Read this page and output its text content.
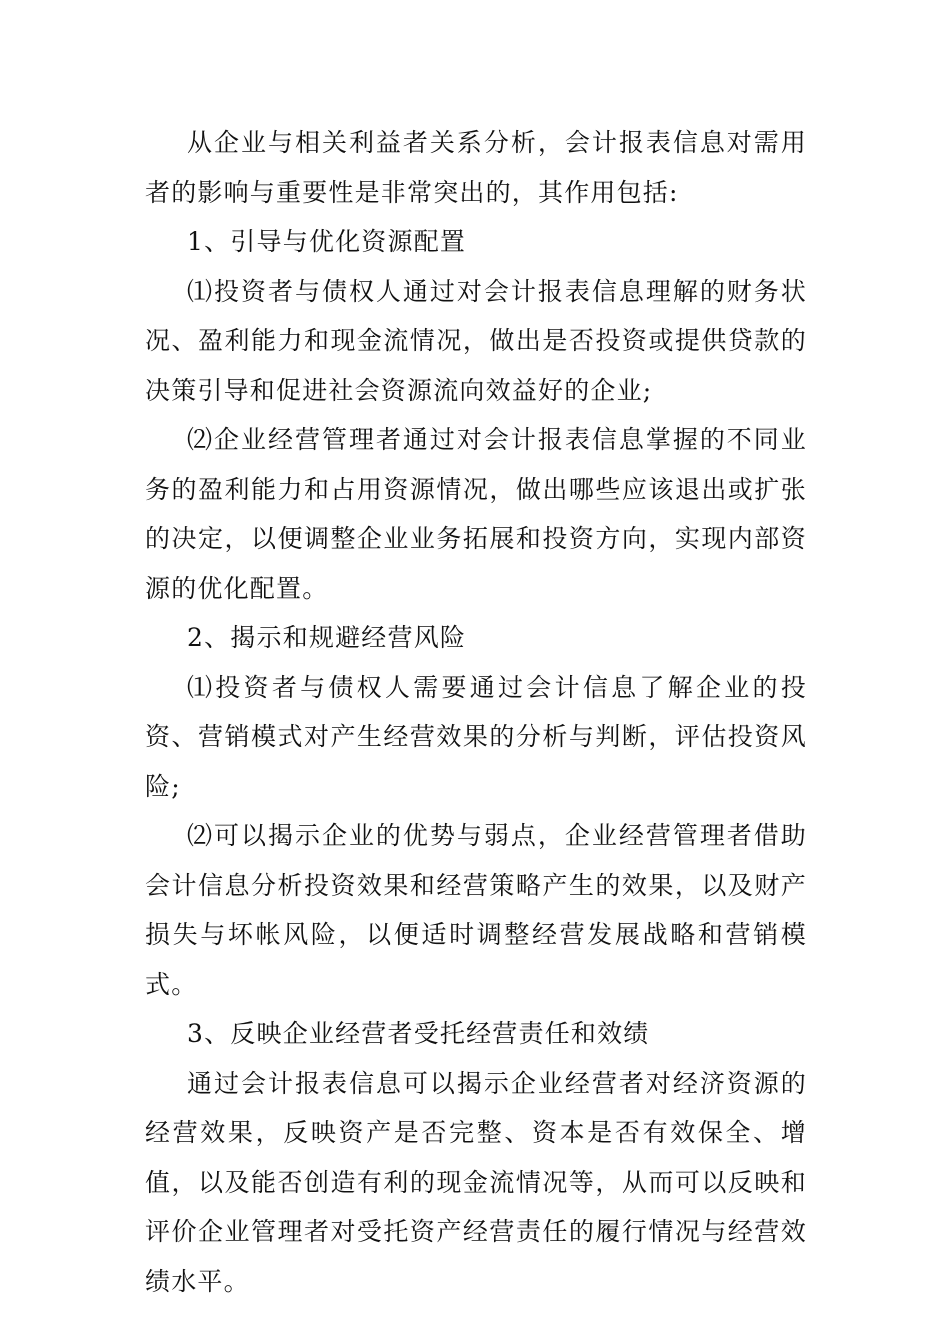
从企业与相关利益者关系分析，会计报表信息对需用者的影响与重要性是非常突出的，其作用包括:

1、引导与优化资源配置

⑴投资者与债权人通过对会计报表信息理解的财务状况、盈利能力和现金流情况，做出是否投资或提供贷款的决策引导和促进社会资源流向效益好的企业;

⑵企业经营管理者通过对会计报表信息掌握的不同业务的盈利能力和占用资源情况，做出哪些应该退出或扩张的决定，以便调整企业业务拓展和投资方向，实现内部资源的优化配置。

2、揭示和规避经营风险

⑴投资者与债权人需要通过会计信息了解企业的投资、营销模式对产生经营效果的分析与判断，评估投资风险;

⑵可以揭示企业的优势与弱点，企业经营管理者借助会计信息分析投资效果和经营策略产生的效果，以及财产损失与坏帐风险，以便适时调整经营发展战略和营销模式。

3、反映企业经营者受托经营责任和效绩

通过会计报表信息可以揭示企业经营者对经济资源的经营效果，反映资产是否完整、资本是否有效保全、增值，以及能否创造有利的现金流情况等，从而可以反映和评价企业管理者对受托资产经营责任的履行情况与经营效绩水平。
